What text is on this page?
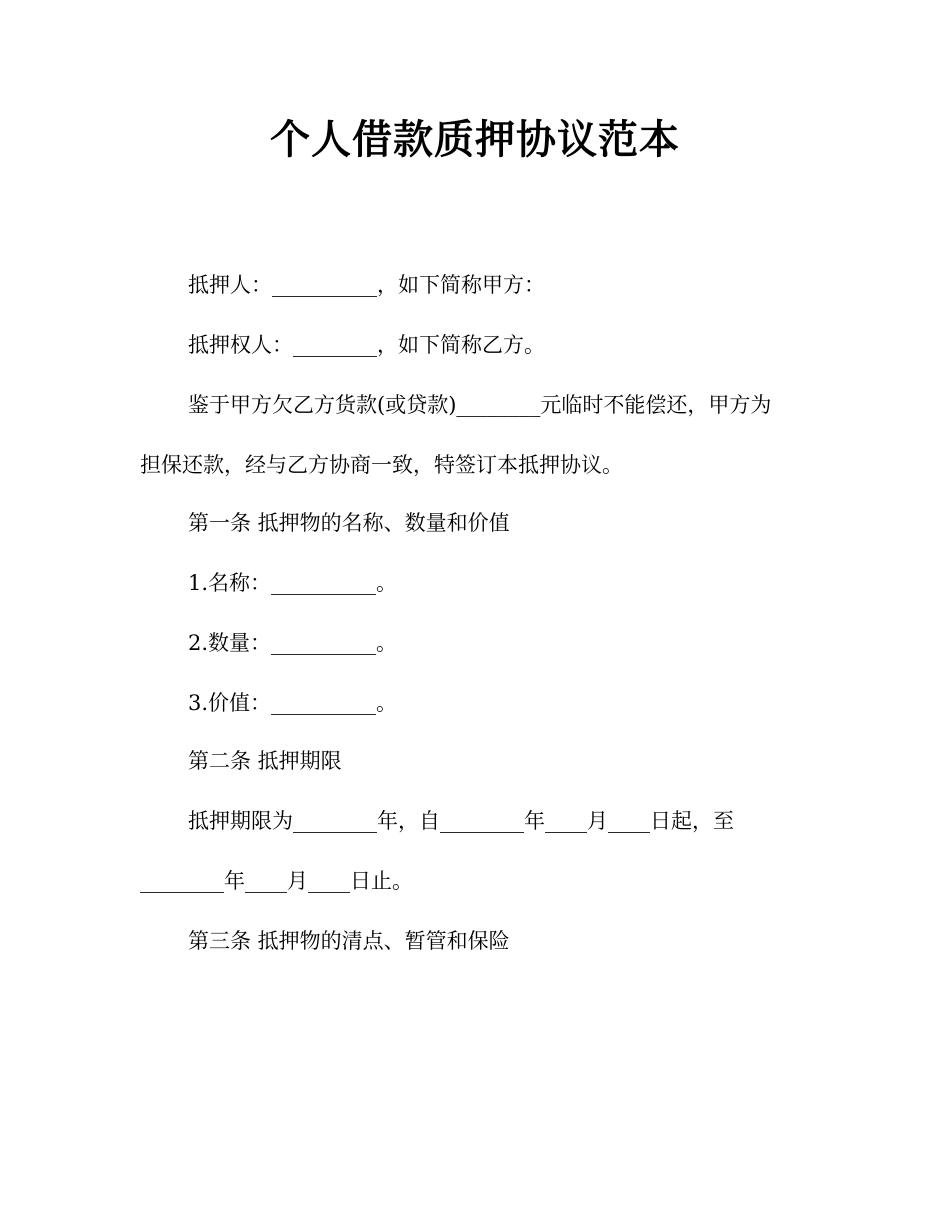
个人借款质押协议范本
抵押人：__________，如下简称甲方：
抵押权人：________，如下简称乙方。
鉴于甲方欠乙方货款(或贷款)________元临时不能偿还，甲方为
担保还款，经与乙方协商一致，特签订本抵押协议。
第一条 抵押物的名称、数量和价值
1.名称：__________。
2.数量：__________。
3.价值：__________。
第二条 抵押期限
抵押期限为________年，自________年____月____日起，至
________年____月____日止。
第三条 抵押物的清点、暂管和保险
